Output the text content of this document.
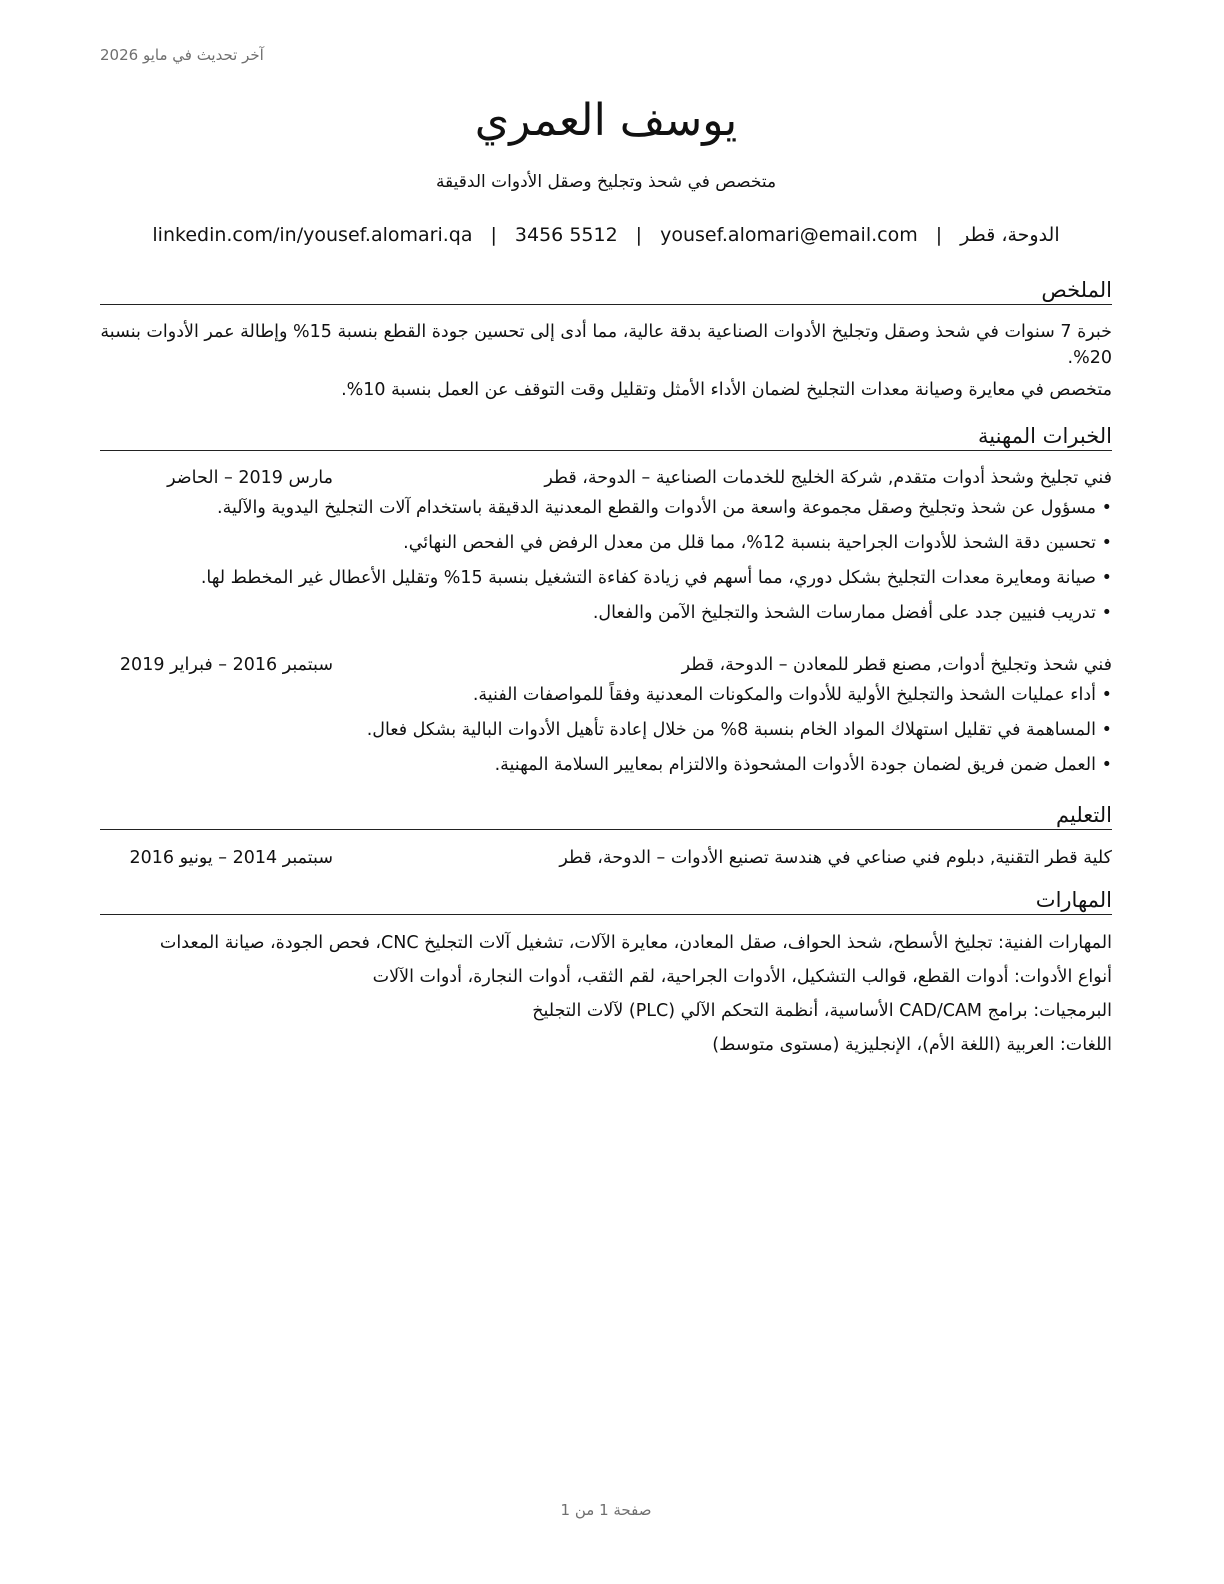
آخر تحديث في مايو 2026
يوسف العمري
متخصص في شحذ وتجليخ وصقل الأدوات الدقيقة
الدوحة، قطر
|
yousef.alomari@email.com
|
3456 5512
|
linkedin.com/in/yousef.alomari.qa
الملخص

خبرة 7 سنوات في شحذ وصقل وتجليخ الأدوات الصناعية بدقة عالية، مما أدى إلى تحسين جودة القطع بنسبة 15% وإطالة عمر الأدوات بنسبة 20%.

متخصص في معايرة وصيانة معدات التجليخ لضمان الأداء الأمثل وتقليل وقت التوقف عن العمل بنسبة 10%.

الخبرات المهنية
فني تجليخ وشحذ أدوات متقدم, شركة الخليج للخدمات الصناعية – الدوحة، قطر
مارس 2019 – الحاضر
• مسؤول عن شحذ وتجليخ وصقل مجموعة واسعة من الأدوات والقطع المعدنية الدقيقة باستخدام آلات التجليخ اليدوية والآلية.
• تحسين دقة الشحذ للأدوات الجراحية بنسبة 12%، مما قلل من معدل الرفض في الفحص النهائي.
• صيانة ومعايرة معدات التجليخ بشكل دوري، مما أسهم في زيادة كفاءة التشغيل بنسبة 15% وتقليل الأعطال غير المخطط لها.
• تدريب فنيين جدد على أفضل ممارسات الشحذ والتجليخ الآمن والفعال.
فني شحذ وتجليخ أدوات, مصنع قطر للمعادن – الدوحة، قطر
سبتمبر 2016 – فبراير 2019
• أداء عمليات الشحذ والتجليخ الأولية للأدوات والمكونات المعدنية وفقاً للمواصفات الفنية.
• المساهمة في تقليل استهلاك المواد الخام بنسبة 8% من خلال إعادة تأهيل الأدوات البالية بشكل فعال.
• العمل ضمن فريق لضمان جودة الأدوات المشحوذة والالتزام بمعايير السلامة المهنية.
التعليم
كلية قطر التقنية, دبلوم فني صناعي في هندسة تصنيع الأدوات – الدوحة، قطر
سبتمبر 2014 – يونيو 2016
المهارات
المهارات الفنية: تجليخ الأسطح، شحذ الحواف، صقل المعادن، معايرة الآلات، تشغيل آلات التجليخ CNC، فحص الجودة، صيانة المعدات
أنواع الأدوات: أدوات القطع، قوالب التشكيل، الأدوات الجراحية، لقم الثقب، أدوات النجارة، أدوات الآلات
البرمجيات: برامج CAD/CAM الأساسية، أنظمة التحكم الآلي (PLC) لآلات التجليخ
اللغات: العربية (اللغة الأم)، الإنجليزية (مستوى متوسط)
صفحة 1 من 1
